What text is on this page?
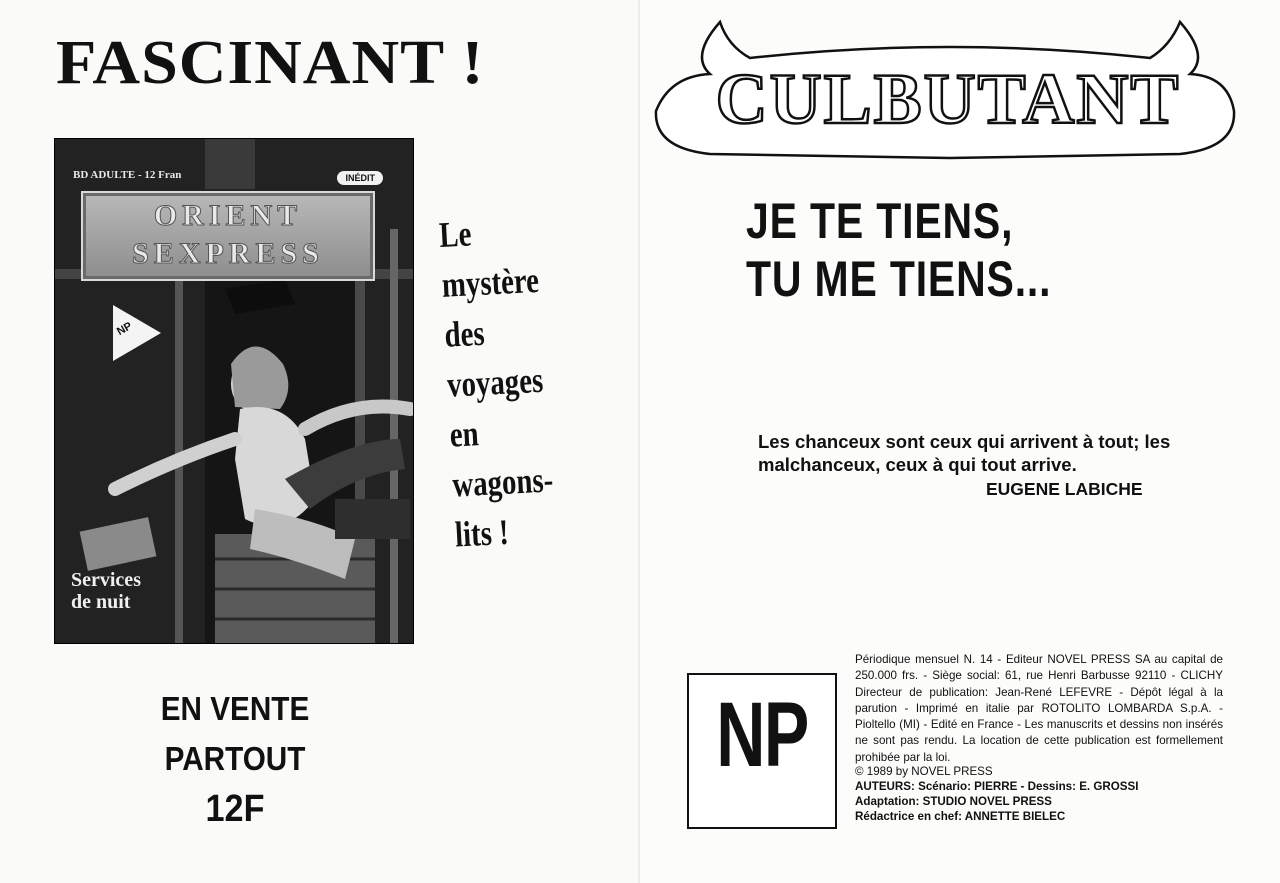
FASCINANT !
BD ADULTE - 12 Fran	INÉDIT
ORIENT
SEXPRESS
NP
Services
de nuit
Le
mystère
des
voyages
en
wagons-
lits !
EN VENTE
PARTOUT
12F
CULBUTANT
JE TE TIENS,
TU ME TIENS...
Les chanceux sont ceux qui arrivent à tout; les
malchanceux, ceux à qui tout arrive.
EUGENE LABICHE
NP
Périodique mensuel N. 14 - Editeur NOVEL PRESS SA au capital de 250.000 frs. - Siège social: 61, rue Henri Barbusse 92110 - CLICHY Directeur de publication: Jean-René LEFEVRE - Dépôt légal à la parution - Imprimé en italie par ROTOLITO LOMBARDA S.p.A. - Pioltello (MI) - Edité en France - Les manuscrits et dessins non insérés ne sont pas rendu. La location de cette publication est formellement prohibée par la loi.
© 1989 by NOVEL PRESS
AUTEURS: Scénario: PIERRE - Dessins: E. GROSSI
Adaptation: STUDIO NOVEL PRESS
Rédactrice en chef: ANNETTE BIELEC
